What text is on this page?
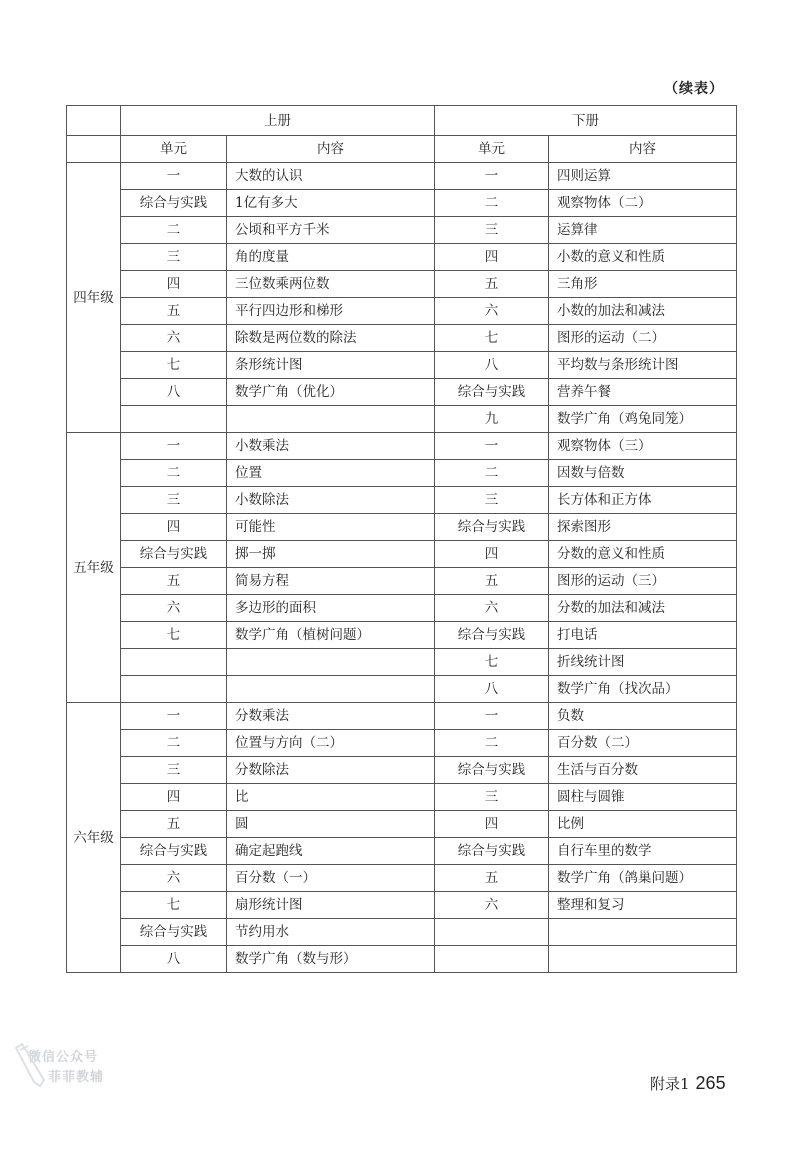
（续表）
	上册		下册	
	单元	内容	单元	内容
四年级	一	大数的认识	一	四则运算
	综合与实践	1亿有多大	二	观察物体（二）
	二	公顷和平方千米	三	运算律
	三	角的度量	四	小数的意义和性质
	四	三位数乘两位数	五	三角形
	五	平行四边形和梯形	六	小数的加法和减法
	六	除数是两位数的除法	七	图形的运动（二）
	七	条形统计图	八	平均数与条形统计图
	八	数学广角（优化）	综合与实践	营养午餐
			九	数学广角（鸡兔同笼）
五年级	一	小数乘法	一	观察物体（三）
	二	位置	二	因数与倍数
	三	小数除法	三	长方体和正方体
	四	可能性	综合与实践	探索图形
	综合与实践	掷一掷	四	分数的意义和性质
	五	简易方程	五	图形的运动（三）
	六	多边形的面积	六	分数的加法和减法
	七	数学广角（植树问题）	综合与实践	打电话
			七	折线统计图
			八	数学广角（找次品）
六年级	一	分数乘法	一	负数
	二	位置与方向（二）	二	百分数（二）
	三	分数除法	综合与实践	生活与百分数
	四	比	三	圆柱与圆锥
	五	圆	四	比例
	综合与实践	确定起跑线	综合与实践	自行车里的数学
	六	百分数（一）	五	数学广角（鸽巢问题）
	七	扇形统计图	六	整理和复习
	综合与实践	节约用水		
	八	数学广角（数与形）		
微信公众号
菲菲教辅	附录1 265
